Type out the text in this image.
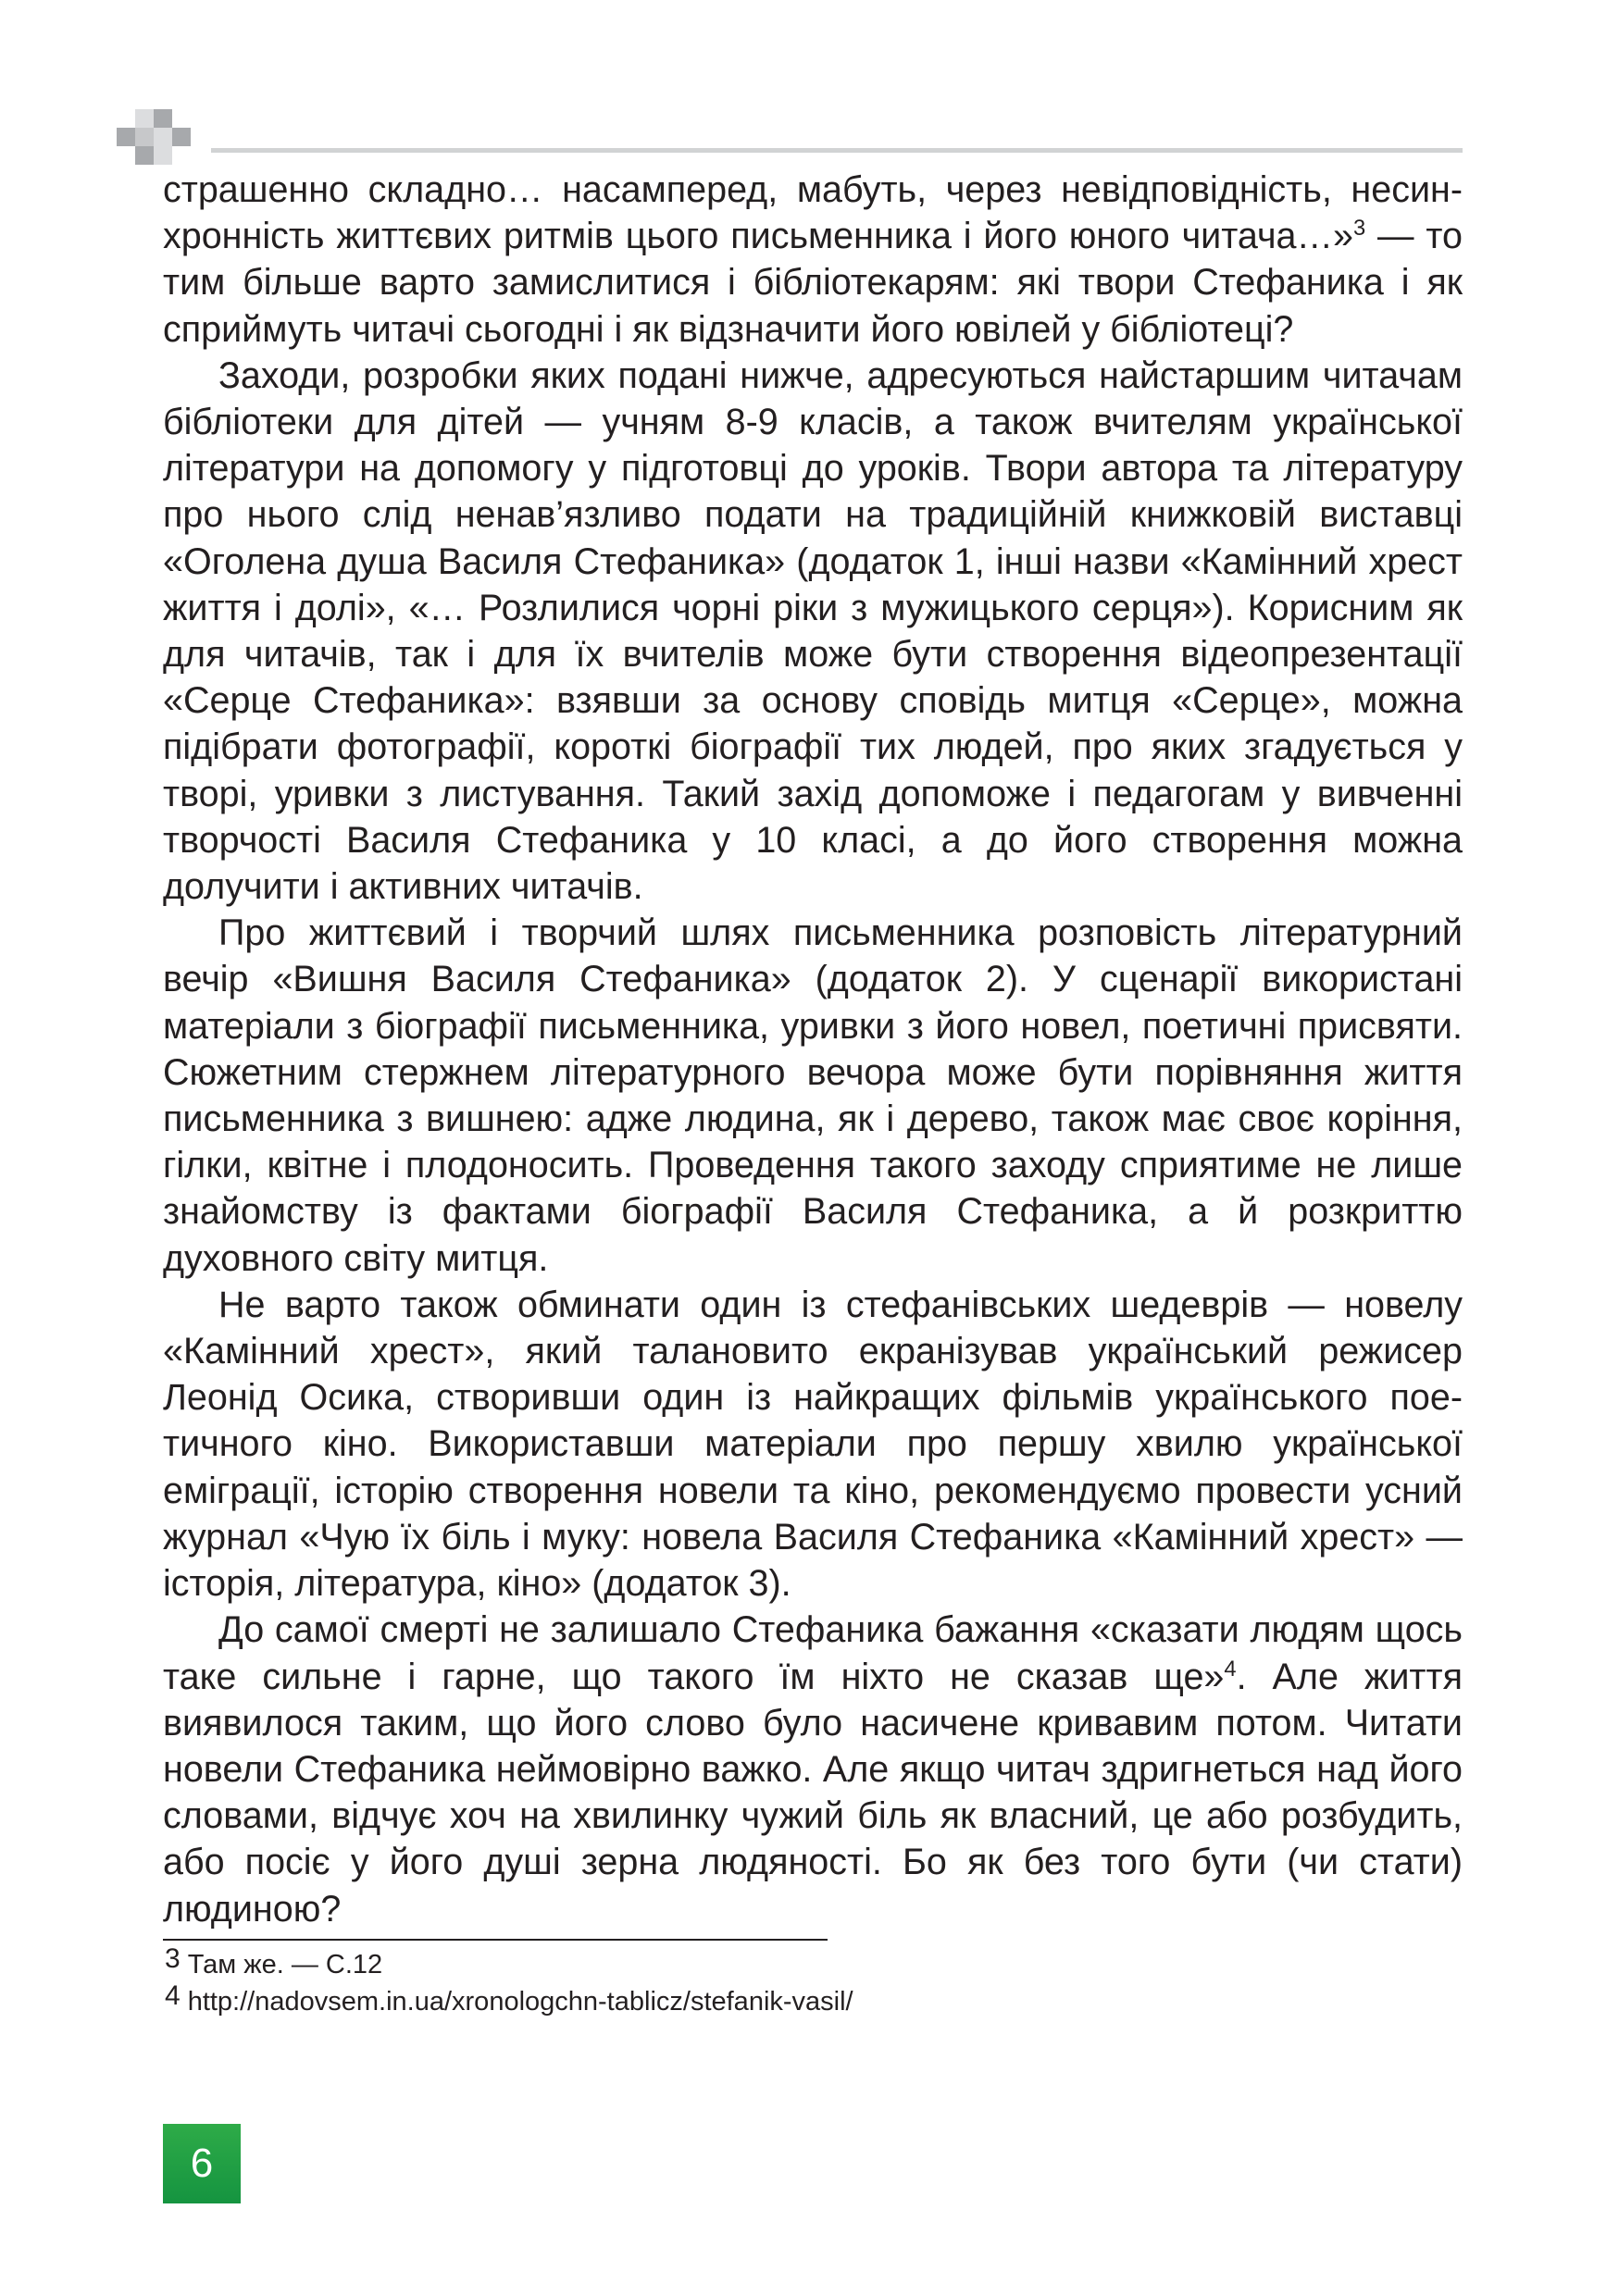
страшенно складно… насамперед, мабуть, через невідповідність, несинхронність життєвих ритмів цього письменника і його юного читача…»$^3$ — то тим більше варто замислитися і бібліотекарям: які твори Стефаника і як сприймуть читачі сьогодні і як відзначити його ювілей у бібліотеці?

Заходи, розробки яких подані нижче, адресуються найстаршим читачам бібліотеки для дітей — учням 8-9 класів, а також вчителям української літератури на допомогу у підготовці до уроків. Твори автора та літературу про нього слід ненав’язливо подати на традиційній книжковій виставці «Оголена душа Василя Стефаника» (додаток 1, інші назви «Камінний хрест життя і долі», «… Розлилися чорні ріки з мужицького серця»). Корисним як для читачів, так і для їх вчителів може бути створення відеопрезентації «Серце Стефаника»: взявши за основу сповідь митця «Серце», можна підібрати фотографії, короткі біографії тих людей, про яких згадується у творі, уривки з листування. Такий захід допоможе і педагогам у вивченні творчості Василя Стефаника у 10 класі, а до його створення можна долучити і активних читачів.

Про життєвий і творчий шлях письменника розповість літературний вечір «Вишня Василя Стефаника» (додаток 2). У сценарії використані матеріали з біографії письменника, уривки з його новел, поетичні присвяти. Сюжетним стержнем літературного вечора може бути порівняння життя письменника з вишнею: адже людина, як і дерево, також має своє коріння, гілки, квітне і плодоносить. Проведення такого заходу сприятиме не лише знайомству із фактами біографії Василя Стефаника, а й розкриттю духовного світу митця.

Не варто також обминати один із стефанівських шедеврів — новелу «Камінний хрест», який талановито екранізував український режисер Леонід Осика, створивши один із найкращих фільмів українського поетичного кіно. Використавши матеріали про першу хвилю української еміграції, історію створення новели та кіно, рекомендуємо провести усний журнал «Чую їх біль і муку: новела Василя Стефаника «Камінний хрест» — історія, література, кіно» (додаток 3).

До самої смерті не залишало Стефаника бажання «сказати людям щось таке сильне і гарне, що такого їм ніхто не сказав ще»$^4$. Але життя виявилося таким, що його слово було насичене кривавим потом. Читати новели Стефаника неймовірно важко. Але якщо читач здригнеться над його словами, відчує хоч на хвилинку чужий біль як власний, це або розбудить, або посіє у його душі зерна людяності. Бо як без того бути (чи стати) людиною?

3 Там же. — С.12
4 http://nadovsem.in.ua/xronologchn-tablicz/stefanik-vasil/
6
